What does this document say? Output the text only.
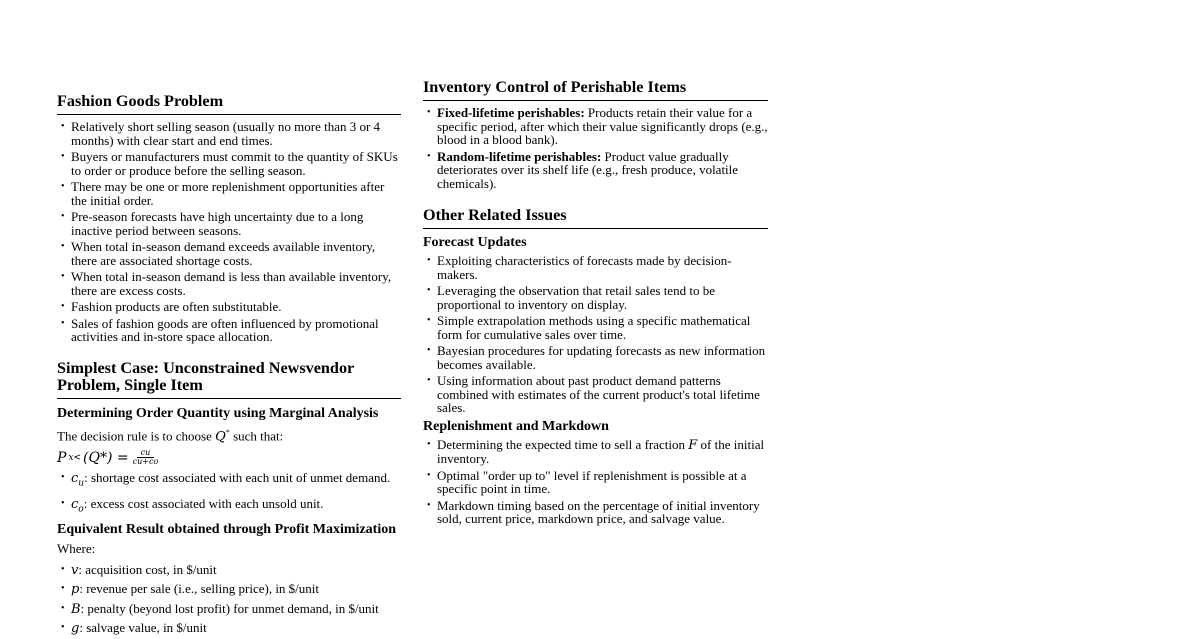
Fashion Goods Problem
• Relatively short selling season (usually no more than 3 or 4 months) with clear start and end times.
• Buyers or manufacturers must commit to the quantity of SKUs to order or produce before the selling season.
• There may be one or more replenishment opportunities after the initial order.
• Pre-season forecasts have high uncertainty due to a long inactive period between seasons.
• When total in-season demand exceeds available inventory, there are associated shortage costs.
• When total in-season demand is less than available inventory, there are excess costs.
• Fashion products are often substitutable.
• Sales of fashion goods are often influenced by promotional activities and in-store space allocation.
Simplest Case: Unconstrained Newsvendor Problem, Single Item
Determining Order Quantity using Marginal Analysis

The decision rule is to choose Q* such that:

P $x< (Q*) = \frac{cu}{cu+co}$
• $c_u$: shortage cost associated with each unit of unmet demand.
• $c_o$: excess cost associated with each unsold unit.
Equivalent Result obtained through Profit Maximization

Where:

• v: acquisition cost, in $/unit
• p: revenue per sale (i.e., selling price), in $/unit
• B: penalty (beyond lost profit) for unmet demand, in $/unit
• g: salvage value, in $/unit
Inventory Control of Perishable Items
• Fixed-lifetime perishables: Products retain their value for a specific period, after which their value significantly drops (e.g., blood in a blood bank).
• Random-lifetime perishables: Product value gradually deteriorates over its shelf life (e.g., fresh produce, volatile chemicals).
Other Related Issues
Forecast Updates
• Exploiting characteristics of forecasts made by decision-makers.
• Leveraging the observation that retail sales tend to be proportional to inventory on display.
• Simple extrapolation methods using a specific mathematical form for cumulative sales over time.
• Bayesian procedures for updating forecasts as new information becomes available.
• Using information about past product demand patterns combined with estimates of the current product's total lifetime sales.
Replenishment and Markdown
• Determining the expected time to sell a fraction F of the initial inventory.
• Optimal "order up to" level if replenishment is possible at a specific point in time.
• Markdown timing based on the percentage of initial inventory sold, current price, markdown price, and salvage value.
